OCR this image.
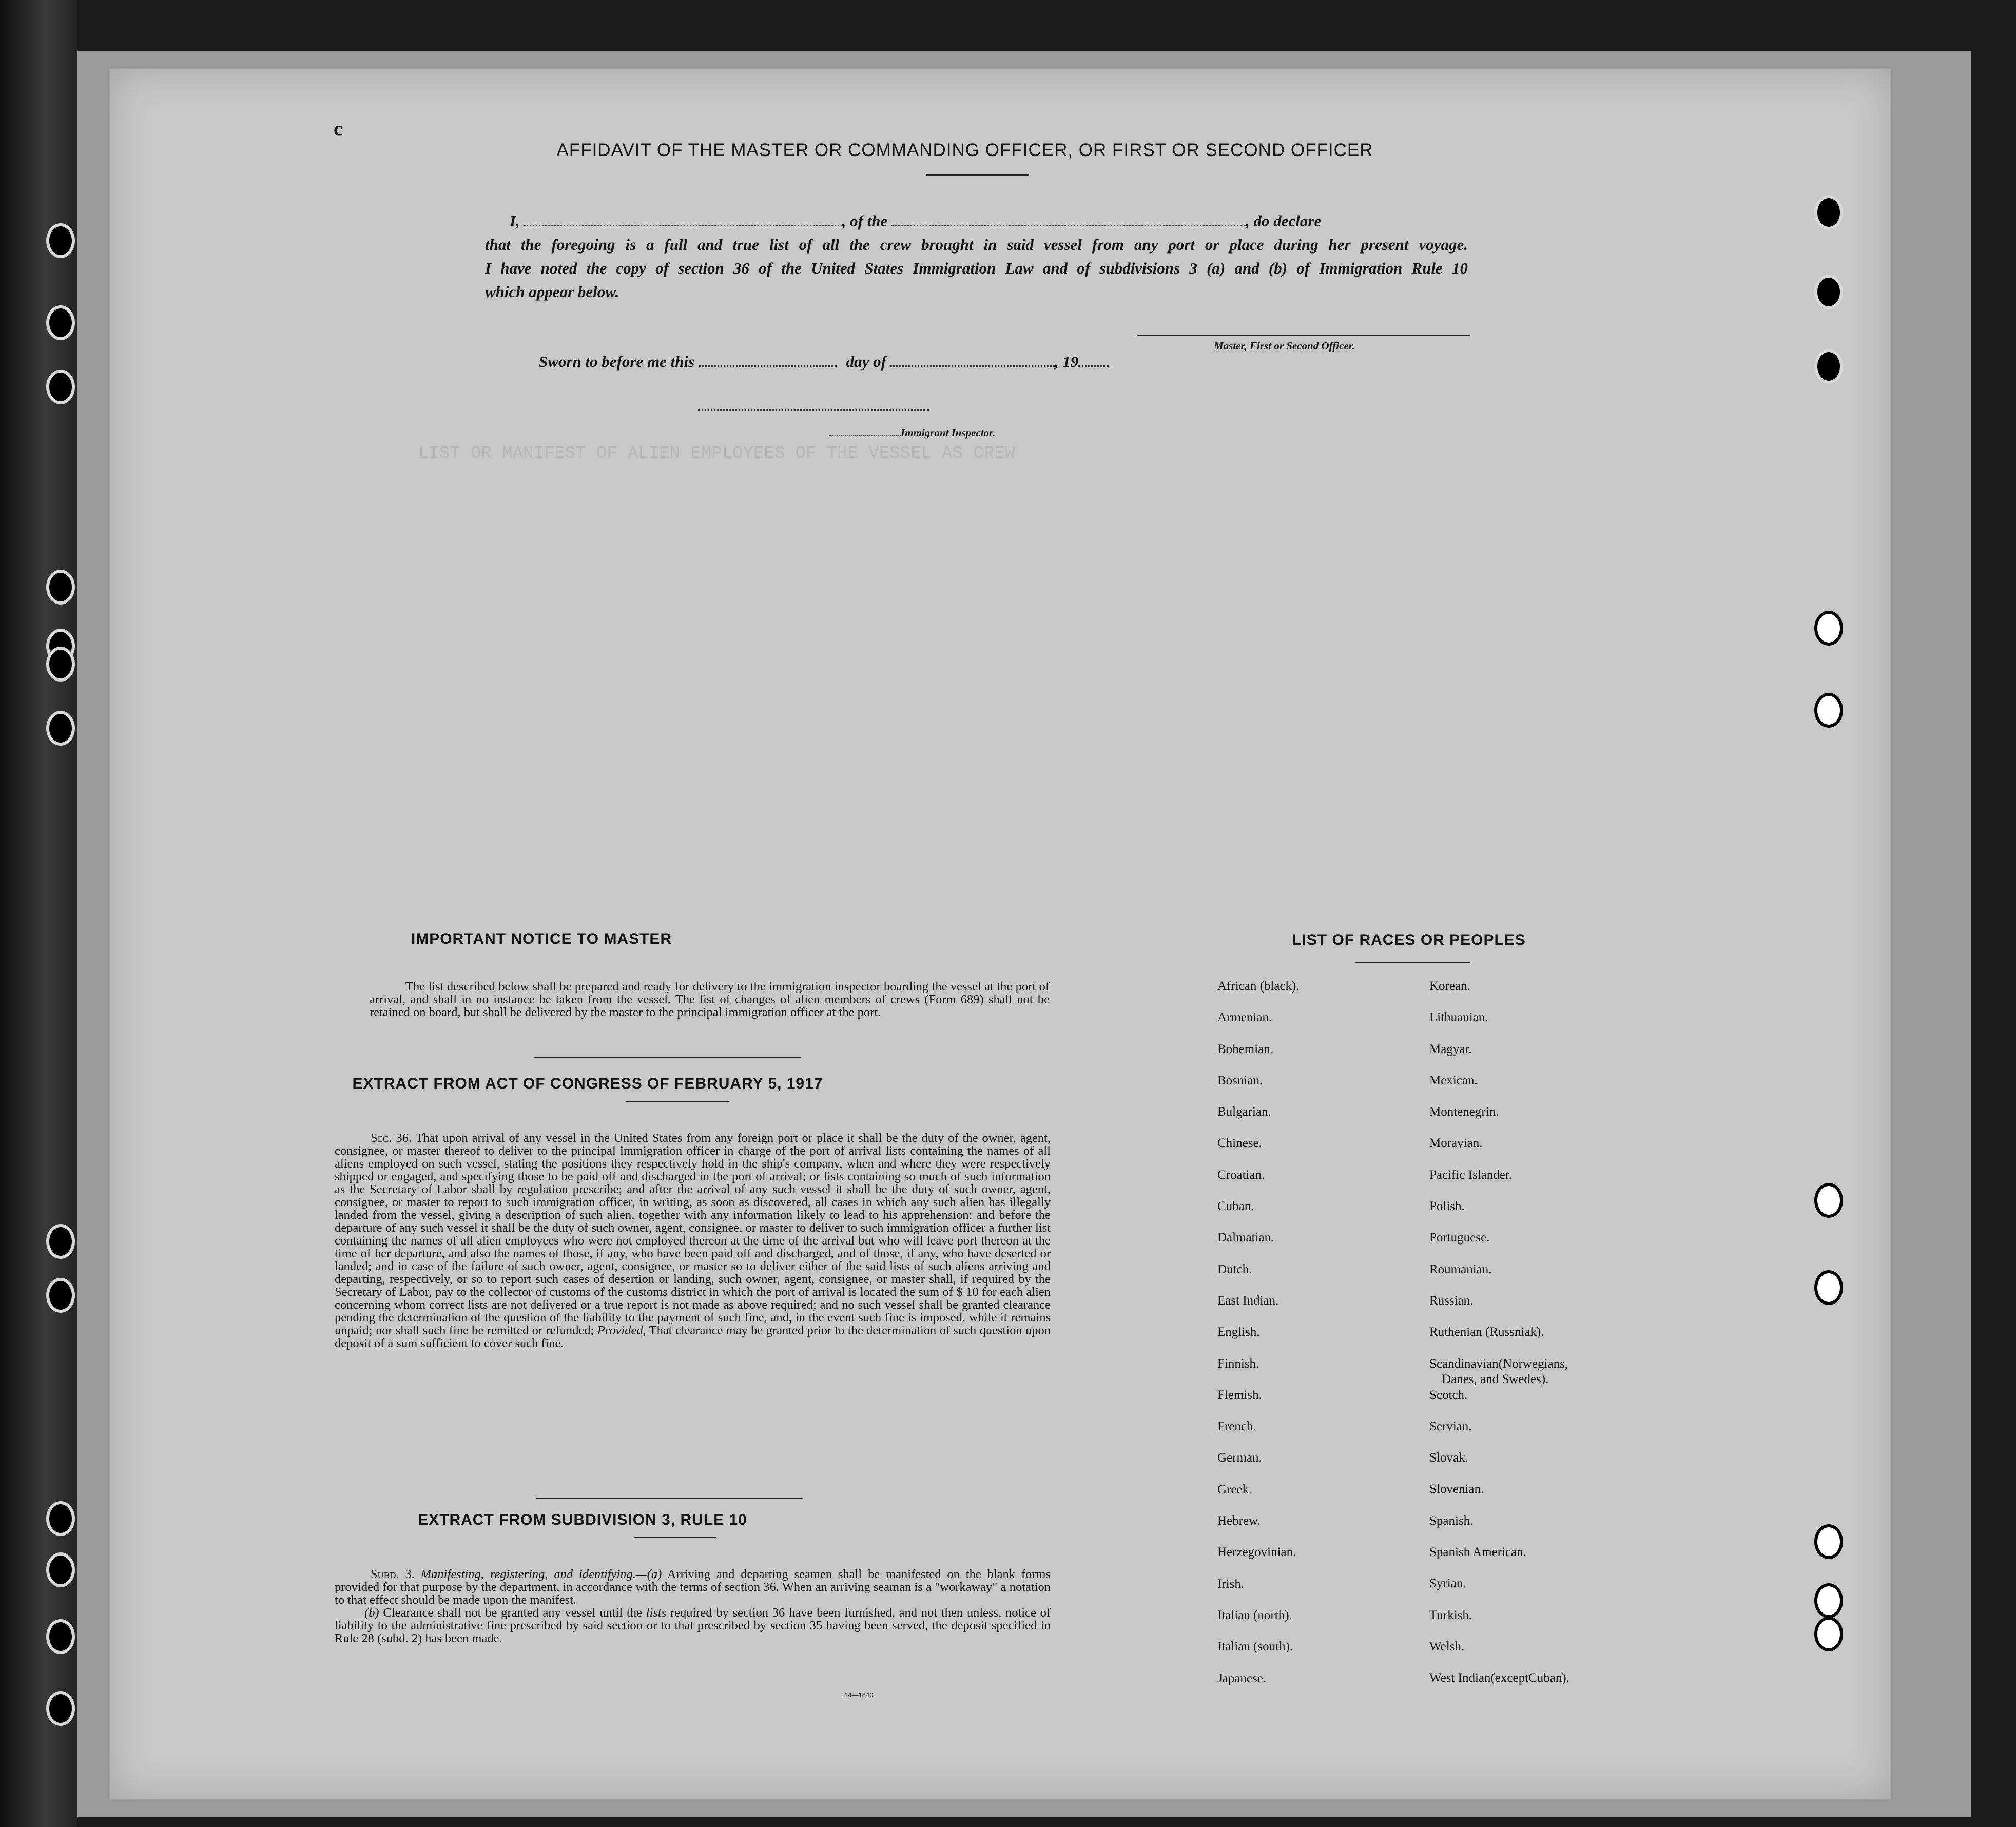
LIST OR MANIFEST OF ALIEN EMPLOYEES OF THE VESSEL AS CREW

c
AFFIDAVIT OF THE MASTER OR COMMANDING OFFICER, OR FIRST OR SECOND OFFICER

I,	, of the	, do declare

that the foregoing is a full and true list of all the crew brought in said vessel from any port or place during her present voyage.

I have noted the copy of section 36 of the United States Immigration Law and of subdivisions 3 (a) and (b) of Immigration Rule 10

which appear below.

Master, First or Second Officer.
Sworn to before me this	day of	, 19
Immigrant Inspector.
IMPORTANT NOTICE TO MASTER

The list described below shall be prepared and ready for delivery to the immigration inspector boarding the vessel at the port of arrival, and shall in no instance be taken from the vessel. The list of changes of alien members of crews (Form 689) shall not be retained on board, but shall be delivered by the master to the principal immigration officer at the port.

EXTRACT FROM ACT OF CONGRESS OF FEBRUARY 5, 1917

Sec. 36. That upon arrival of any vessel in the United States from any foreign port or place it shall be the duty of the owner, agent, consignee, or master thereof to deliver to the principal immigration officer in charge of the port of arrival lists containing the names of all aliens employed on such vessel, stating the positions they respectively hold in the ship's company, when and where they were respectively shipped or engaged, and specifying those to be paid off and discharged in the port of arrival; or lists containing so much of such information as the Secretary of Labor shall by regulation prescribe; and after the arrival of any such vessel it shall be the duty of such owner, agent, consignee, or master to report to such immigration officer, in writing, as soon as discovered, all cases in which any such alien has illegally landed from the vessel, giving a description of such alien, together with any information likely to lead to his apprehension; and before the departure of any such vessel it shall be the duty of such owner, agent, consignee, or master to deliver to such immigration officer a further list containing the names of all alien employees who were not employed thereon at the time of the arrival but who will leave port thereon at the time of her departure, and also the names of those, if any, who have been paid off and discharged, and of those, if any, who have deserted or landed; and in case of the failure of such owner, agent, consignee, or master so to deliver either of the said lists of such aliens arriving and departing, respectively, or so to report such cases of desertion or landing, such owner, agent, consignee, or master shall, if required by the Secretary of Labor, pay to the collector of customs of the customs district in which the port of arrival is located the sum of $ 10 for each alien concerning whom correct lists are not delivered or a true report is not made as above required; and no such vessel shall be granted clearance pending the determination of the question of the liability to the payment of such fine, and, in the event such fine is imposed, while it remains unpaid; nor shall such fine be remitted or refunded; Provided, That clearance may be granted prior to the determination of such question upon deposit of a sum sufficient to cover such fine.

EXTRACT FROM SUBDIVISION 3, RULE 10

Subd. 3. Manifesting, registering, and identifying.—(a) Arriving and departing seamen shall be manifested on the blank forms provided for that purpose by the department, in accordance with the terms of section 36. When an arriving seaman is a "workaway" a notation to that effect should be made upon the manifest.

(b) Clearance shall not be granted any vessel until the lists required by section 36 have been furnished, and not then unless, notice of liability to the administrative fine prescribed by said section or to that prescribed by section 35 having been served, the deposit specified in Rule 28 (subd. 2) has been made.

14—1840
LIST OF RACES OR PEOPLES
African (black).
Armenian.
Bohemian.
Bosnian.
Bulgarian.
Chinese.
Croatian.
Cuban.
Dalmatian.
Dutch.
East Indian.
English.
Finnish.
Flemish.
French.
German.
Greek.
Hebrew.
Herzegovinian.
Irish.
Italian (north).
Italian (south).
Japanese.
Korean.
Lithuanian.
Magyar.
Mexican.
Montenegrin.
Moravian.
Pacific Islander.
Polish.
Portuguese.
Roumanian.
Russian.
Ruthenian (Russniak).
Scandinavian(Norwegians,
Danes, and Swedes).
Scotch.
Servian.
Slovak.
Slovenian.
Spanish.
Spanish American.
Syrian.
Turkish.
Welsh.
West Indian(exceptCuban).
